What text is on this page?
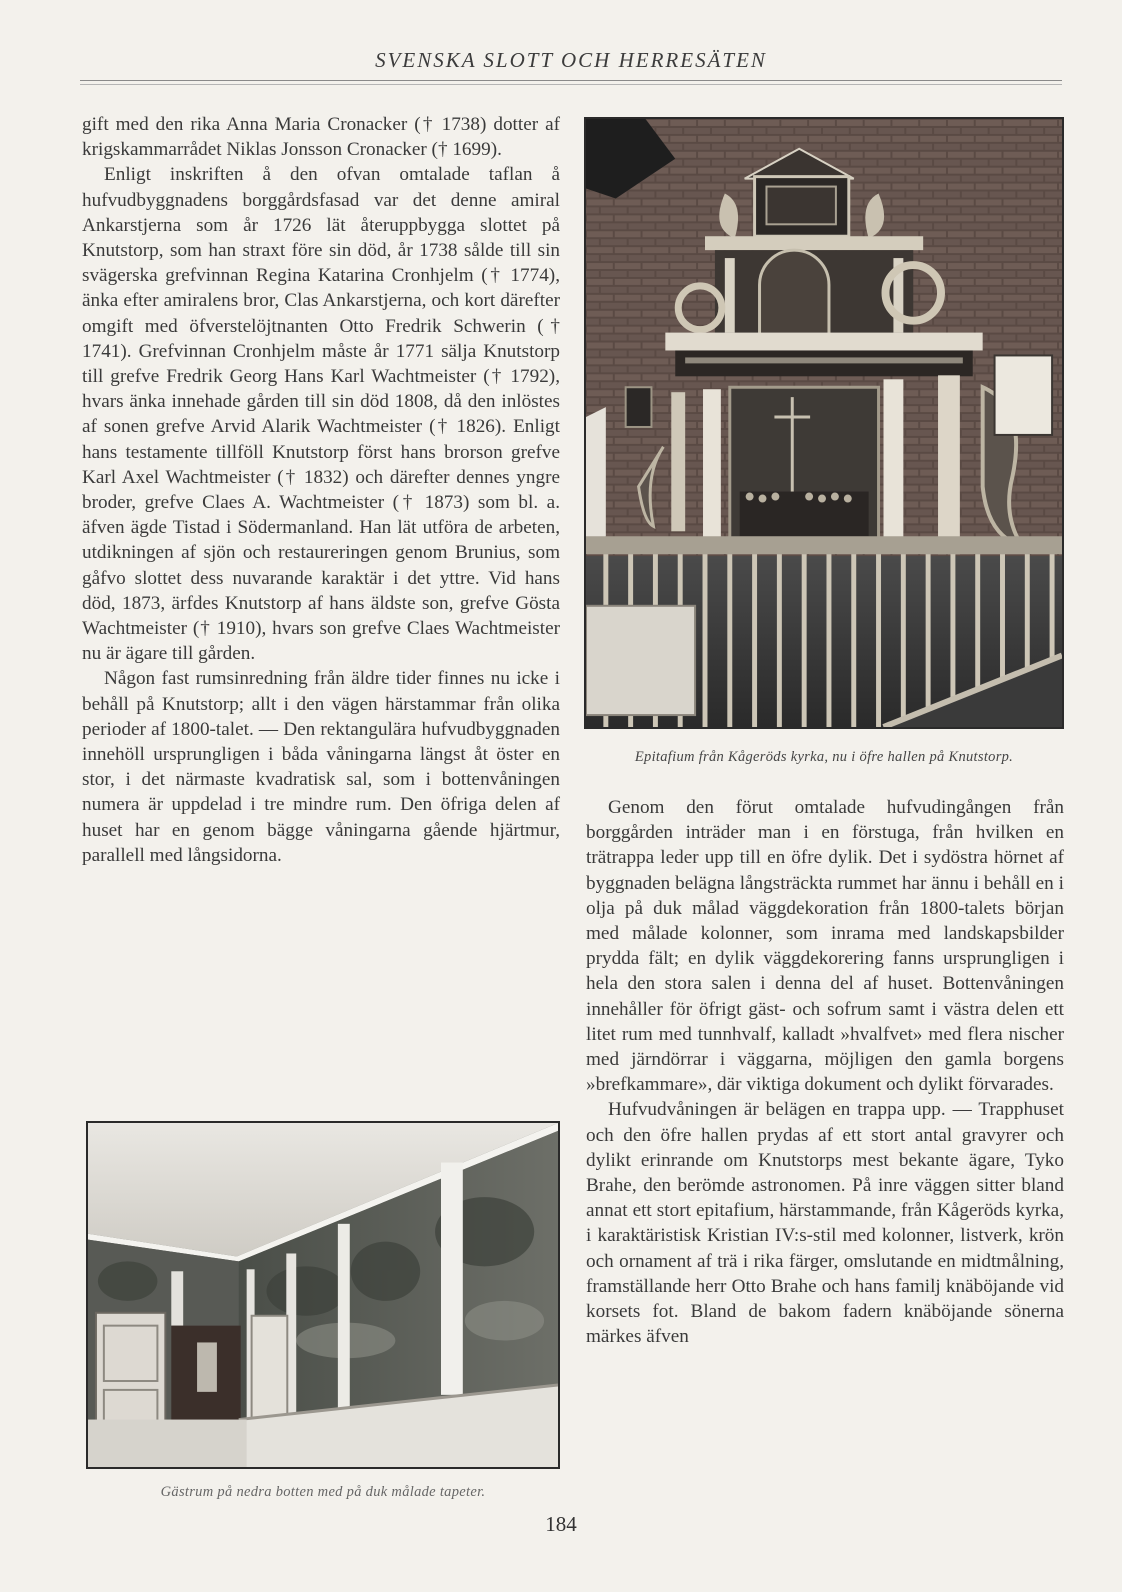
SVENSKA SLOTT OCH HERRESÄTEN

gift med den rika Anna Maria Cronacker († 1738) dotter af krigskammarrådet Niklas Jonsson Cronacker († 1699).

Enligt inskriften å den ofvan omtalade taflan å hufvudbyggnadens borggårdsfasad var det denne amiral Ankarstjerna som år 1726 lät återuppbygga slottet på Knutstorp, som han straxt före sin död, år 1738 sålde till sin svägerska grefvinnan Regina Katarina Cronhjelm († 1774), änka efter amiralens bror, Clas Ankarstjerna, och kort därefter omgift med öfverstelöjtnanten Otto Fredrik Schwerin († 1741). Grefvinnan Cronhjelm måste år 1771 sälja Knutstorp till grefve Fredrik Georg Hans Karl Wachtmeister († 1792), hvars änka innehade gården till sin död 1808, då den inlöstes af sonen grefve Arvid Alarik Wachtmeister († 1826). Enligt hans testamente tillföll Knutstorp först hans brorson grefve Karl Axel Wachtmeister († 1832) och därefter dennes yngre broder, grefve Claes A. Wachtmeister († 1873) som bl. a. äfven ägde Tistad i Södermanland. Han lät utföra de arbeten, utdikningen af sjön och restaureringen genom Brunius, som gåfvo slottet dess nuvarande karaktär i det yttre. Vid hans död, 1873, ärfdes Knutstorp af hans äldste son, grefve Gösta Wachtmeister († 1910), hvars son grefve Claes Wachtmeister nu är ägare till gården.

Någon fast rumsinredning från äldre tider finnes nu icke i behåll på Knutstorp; allt i den vägen härstammar från olika perioder af 1800-talet. — Den rektangulära hufvudbyggnaden innehöll ursprungligen i båda våningarna längst åt öster en stor, i det närmaste kvadratisk sal, som i bottenvåningen numera är uppdelad i tre mindre rum. Den öfriga delen af huset har en genom bägge våningarna gående hjärtmur, parallell med långsidorna.

Epitafium från Kågeröds kyrka, nu i öfre hallen på Knutstorp.

Genom den förut omtalade hufvudingången från borggården inträder man i en förstuga, från hvilken en trätrappa leder upp till en öfre dylik. Det i sydöstra hörnet af byggnaden belägna långsträckta rummet har ännu i behåll en i olja på duk målad väggdekoration från 1800-talets början med målade kolonner, som inrama med landskapsbilder prydda fält; en dylik väggdekorering fanns ursprungligen i hela den stora salen i denna del af huset. Bottenvåningen innehåller för öfrigt gäst- och sofrum samt i västra delen ett litet rum med tunnhvalf, kalladt »hvalfvet» med flera nischer med järndörrar i väggarna, möjligen den gamla borgens »brefkammare», där viktiga dokument och dylikt förvarades.

Hufvudvåningen är belägen en trappa upp. — Trapphuset och den öfre hallen prydas af ett stort antal gravyrer och dylikt erinrande om Knutstorps mest bekante ägare, Tyko Brahe, den berömde astronomen. På inre väggen sitter bland annat ett stort epitafium, härstammande, från Kågeröds kyrka, i karaktäristisk Kristian IV:s-stil med kolonner, listverk, krön och ornament af trä i rika färger, omslutande en midtmålning, framställande herr Otto Brahe och hans familj knäböjande vid korsets fot. Bland de bakom fadern knäböjande sönerna märkes äfven

Gästrum på nedra botten med på duk målade tapeter.
184
